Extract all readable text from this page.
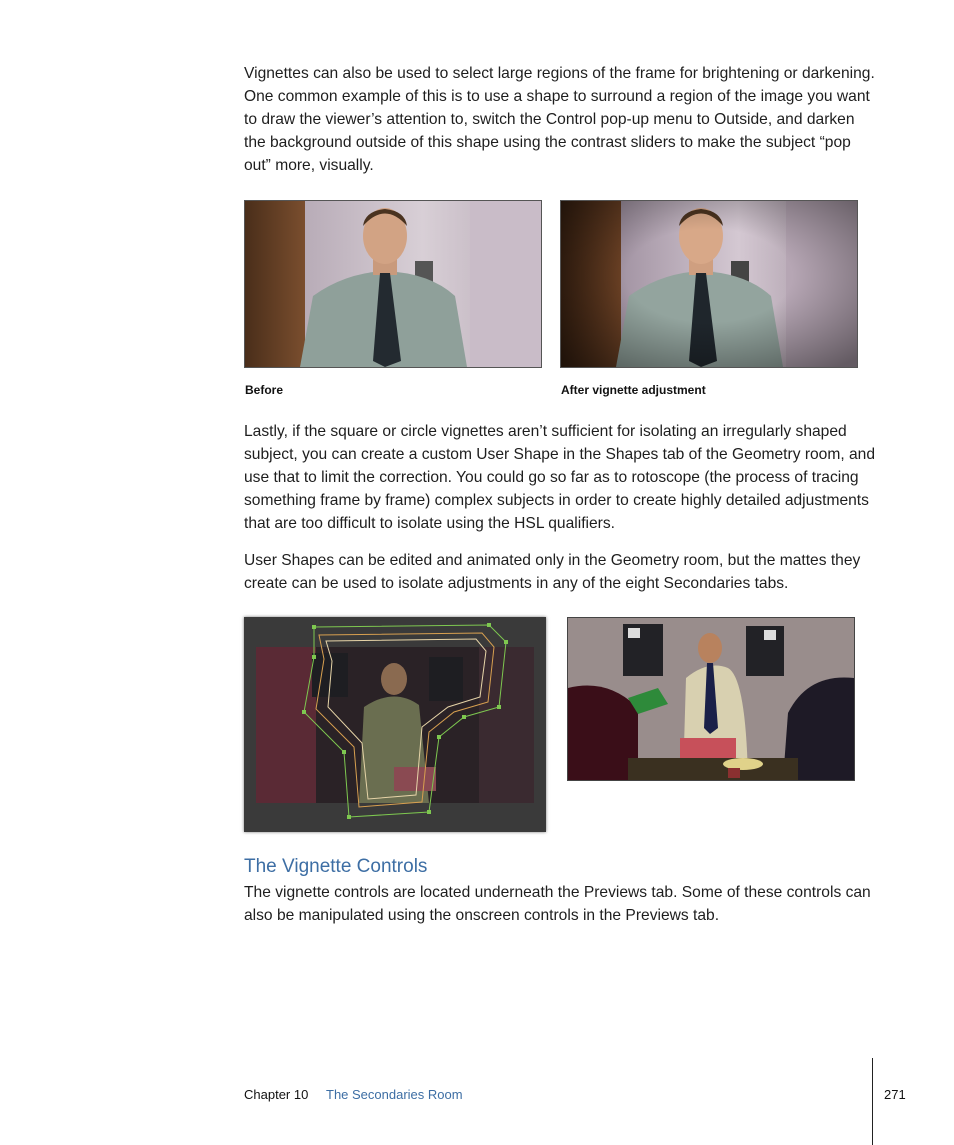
Vignettes can also be used to select large regions of the frame for brightening or darkening. One common example of this is to use a shape to surround a region of the image you want to draw the viewer’s attention to, switch the Control pop-up menu to Outside, and darken the background outside of this shape using the contrast sliders to make the subject “pop out” more, visually.

Before	After vignette adjustment

Lastly, if the square or circle vignettes aren’t sufficient for isolating an irregularly shaped subject, you can create a custom User Shape in the Shapes tab of the Geometry room, and use that to limit the correction. You could go so far as to rotoscope (the process of tracing something frame by frame) complex subjects in order to create highly detailed adjustments that are too difficult to isolate using the HSL qualifiers.

User Shapes can be edited and animated only in the Geometry room, but the mattes they create can be used to isolate adjustments in any of the eight Secondaries tabs.

The Vignette Controls

The vignette controls are located underneath the Previews tab. Some of these controls can also be manipulated using the onscreen controls in the Previews tab.

Chapter 10 The Secondaries Room	271
